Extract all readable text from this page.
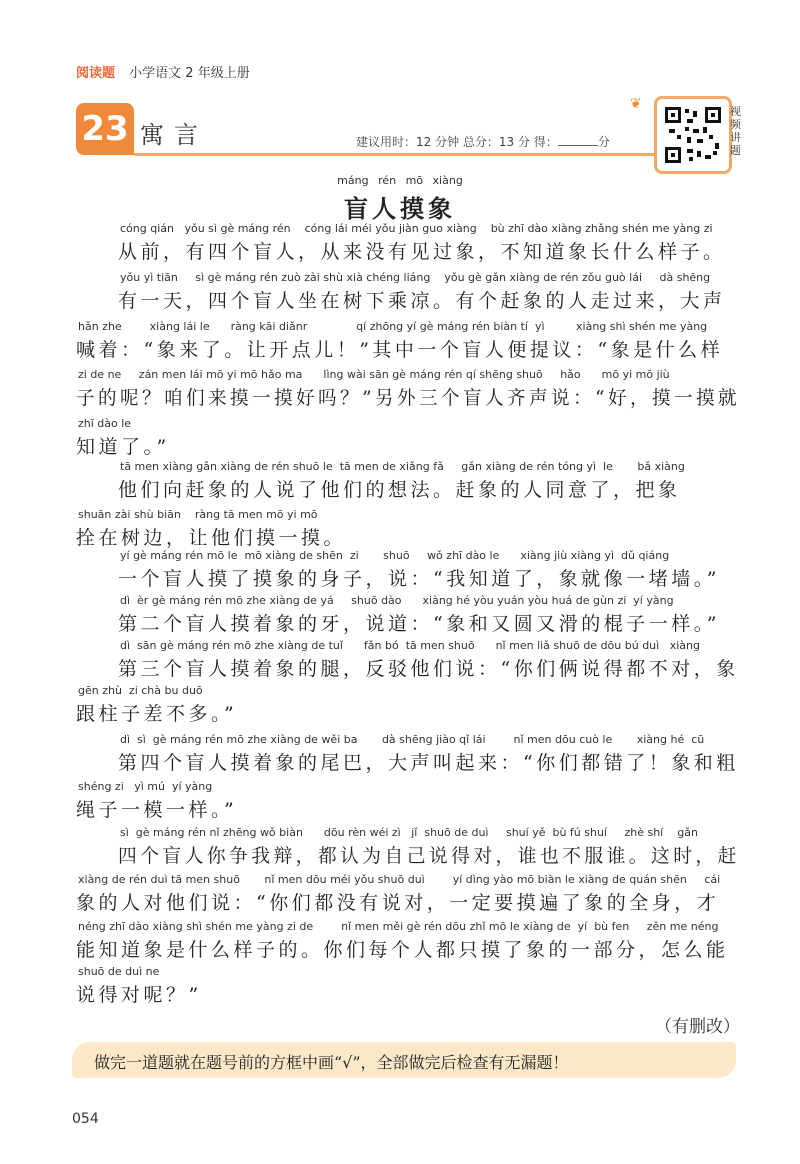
阅读题 小学语文 2 年级上册
23 寓言	建议用时：12 分钟 总分：13 分 得：	分
❦	视频讲题
máng rén mō xiàng
盲人摸象
cóng qián   yǒu sì gè máng rén    cóng lái méi yǒu jiàn guo xiàng    bù zhī dào xiàng zhǎng shén me yàng zi
从前，有四个盲人，从来没有见过象，不知道象长什么样子。
yǒu yì tiān     sì gè máng rén zuò zài shù xià chéng liáng    yǒu gè gǎn xiàng de rén zǒu guò lái     dà shēng
有一天，四个盲人坐在树下乘凉。有个赶象的人走过来，大声
hǎn zhe        xiàng lái le      ràng kāi diǎnr              qí zhōng yí gè máng rén biàn tí  yì         xiàng shì shén me yàng
喊着：“象来了。让开点儿！”其中一个盲人便提议：“象是什么样
zi de ne     zán men lái mō yi mō hǎo ma      lìng wài sān gè máng rén qí shēng shuō     hǎo      mō yi mō jiù
子的呢？咱们来摸一摸好吗？”另外三个盲人齐声说：“好，摸一摸就
zhī dào le
知道了。”
tā men xiàng gǎn xiàng de rén shuō le  tā men de xiǎng fǎ     gǎn xiàng de rén tóng yì  le       bǎ xiàng
他们向赶象的人说了他们的想法。赶象的人同意了，把象
shuān zài shù biān    ràng tā men mō yi mō
拴在树边，让他们摸一摸。
yí gè máng rén mō le  mō xiàng de shēn  zi       shuō     wǒ zhī dào le      xiàng jiù xiàng yì  dǔ qiáng
一个盲人摸了摸象的身子，说：“我知道了，象就像一堵墙。”
dì  èr gè máng rén mō zhe xiàng de yá     shuō dào      xiàng hé yòu yuán yòu huá de gùn zi  yí yàng
第二个盲人摸着象的牙，说道：“象和又圆又滑的棍子一样。”
dì  sān gè máng rén mō zhe xiàng de tuǐ      fǎn bó  tā men shuō      nǐ men liǎ shuō de dōu bú duì   xiàng
第三个盲人摸着象的腿，反驳他们说：“你们俩说得都不对，象
gēn zhù  zi chà bu duō
跟柱子差不多。”
dì  sì  gè máng rén mō zhe xiàng de wěi ba       dà shēng jiào qǐ lái        nǐ men dōu cuò le       xiàng hé  cū
第四个盲人摸着象的尾巴，大声叫起来：“你们都错了！象和粗
shéng zi   yì mú  yí yàng
绳子一模一样。”
sì  gè máng rén nǐ zhēng wǒ biàn      dōu rèn wéi zì   jǐ  shuō de duì     shuí yě  bù fú shuí     zhè shí    gǎn
四个盲人你争我辩，都认为自己说得对，谁也不服谁。这时，赶
xiàng de rén duì tā men shuō       nǐ men dōu méi yǒu shuō duì        yí dìng yào mō biàn le xiàng de quán shēn     cái
象的人对他们说：“你们都没有说对，一定要摸遍了象的全身，才
néng zhī dào xiàng shì shén me yàng zi de        nǐ men měi gè rén dōu zhǐ mō le xiàng de  yí  bù fen     zěn me néng
能知道象是什么样子的。你们每个人都只摸了象的一部分，怎么能
shuō de duì ne
说得对呢？”
（有删改）
做完一道题就在题号前的方框中画“√”，全部做完后检查有无漏题！
054
